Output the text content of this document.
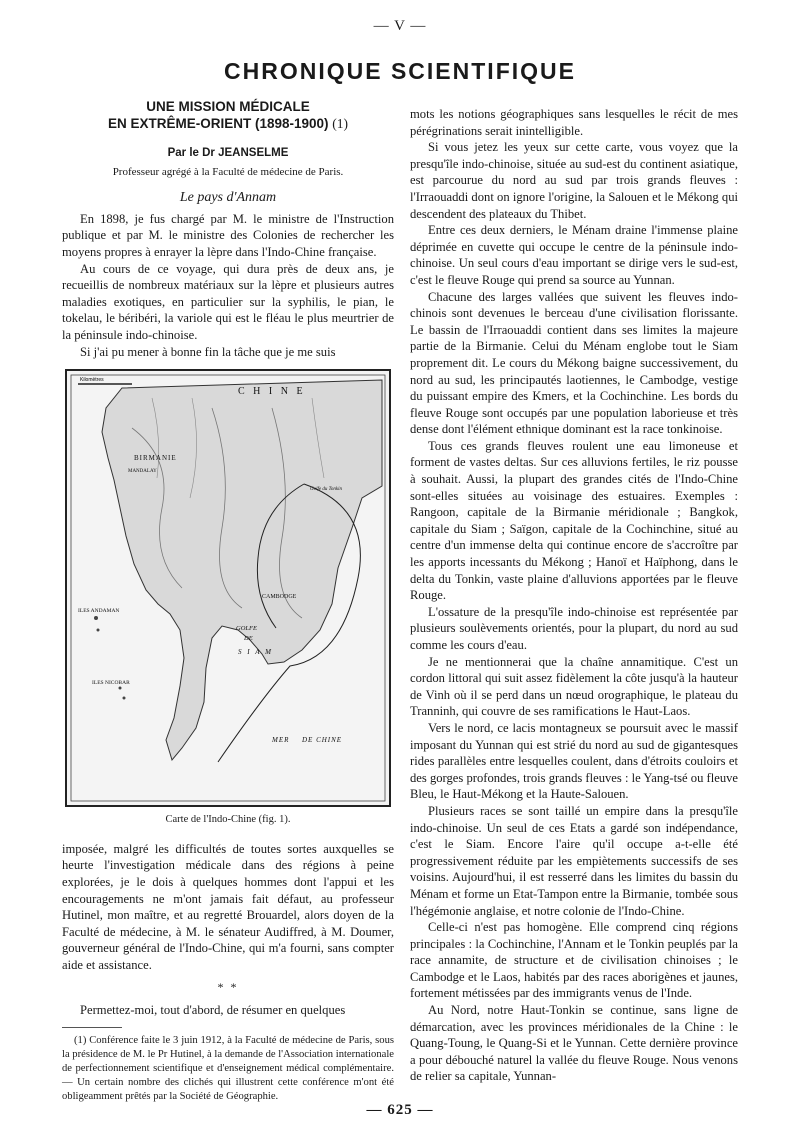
— V —
CHRONIQUE SCIENTIFIQUE
UNE MISSION MÉDICALE
EN EXTRÊME-ORIENT (1898-1900) (1)
Par le Dr JEANSELME
Professeur agrégé à la Faculté de médecine de Paris.
Le pays d'Annam

En 1898, je fus chargé par M. le ministre de l'Instruction publique et par M. le ministre des Colonies de rechercher les moyens propres à enrayer la lèpre dans l'Indo-Chine française.

Au cours de ce voyage, qui dura près de deux ans, je recueillis de nombreux matériaux sur la lèpre et plusieurs autres maladies exotiques, en particulier sur la syphilis, le pian, le tokelau, le béribéri, la variole qui est le fléau le plus meurtrier de la péninsule indo-chinoise.

Si j'ai pu mener à bonne fin la tâche que je me suis

Kilomètres
C H I N E
BIRMANIE
MANDALAY
Golfe du Tonkin
GOLFE
DE
S I A M
CAMBODGE
ILES ANDAMAN
ILES NICOBAR
MER DE CHINE
Carte de l'Indo-Chine (fig. 1).

imposée, malgré les difficultés de toutes sortes auxquelles se heurte l'investigation médicale dans des régions à peine explorées, je le dois à quelques hommes dont l'appui et les encouragements ne m'ont jamais fait défaut, au professeur Hutinel, mon maître, et au regretté Brouardel, alors doyen de la Faculté de médecine, à M. le sénateur Audiffred, à M. Doumer, gouverneur général de l'Indo-Chine, qui m'a fourni, sans compter aide et assistance.

* *

Permettez-moi, tout d'abord, de résumer en quelques

(1) Conférence faite le 3 juin 1912, à la Faculté de médecine de Paris, sous la présidence de M. le Pr Hutinel, à la demande de l'Association internationale de perfectionnement scientifique et d'enseignement médical complémentaire. — Un certain nombre des clichés qui illustrent cette conférence m'ont été obligeamment prêtés par la Société de Géographie.

mots les notions géographiques sans lesquelles le récit de mes pérégrinations serait inintelligible.

Si vous jetez les yeux sur cette carte, vous voyez que la presqu'île indo-chinoise, située au sud-est du continent asiatique, est parcourue du nord au sud par trois grands fleuves : l'Irraouaddi dont on ignore l'origine, la Salouen et le Mékong qui descendent des plateaux du Thibet.

Entre ces deux derniers, le Ménam draine l'immense plaine déprimée en cuvette qui occupe le centre de la péninsule indo-chinoise. Un seul cours d'eau important se dirige vers le sud-est, c'est le fleuve Rouge qui prend sa source au Yunnan.

Chacune des larges vallées que suivent les fleuves indo-chinois sont devenues le berceau d'une civilisation florissante. Le bassin de l'Irraouaddi contient dans ses limites la majeure partie de la Birmanie. Celui du Ménam englobe tout le Siam proprement dit. Le cours du Mékong baigne successivement, du nord au sud, les principautés laotiennes, le Cambodge, vestige du puissant empire des Kmers, et la Cochinchine. Les bords du fleuve Rouge sont occupés par une population laborieuse et très dense dont l'élément ethnique dominant est la race tonkinoise.

Tous ces grands fleuves roulent une eau limoneuse et forment de vastes deltas. Sur ces alluvions fertiles, le riz pousse à souhait. Aussi, la plupart des grandes cités de l'Indo-Chine sont-elles situées au voisinage des estuaires. Exemples : Rangoon, capitale de la Birmanie méridionale ; Bangkok, capitale du Siam ; Saïgon, capitale de la Cochinchine, situé au centre d'un immense delta qui continue encore de s'accroître par les apports incessants du Mékong ; Hanoï et Haïphong, dans le delta du Tonkin, vaste plaine d'alluvions apportées par le fleuve Rouge.

L'ossature de la presqu'île indo-chinoise est représentée par plusieurs soulèvements orientés, pour la plupart, du nord au sud comme les cours d'eau.

Je ne mentionnerai que la chaîne annamitique. C'est un cordon littoral qui suit assez fidèlement la côte jusqu'à la hauteur de Vinh où il se perd dans un nœud orographique, le plateau du Tranninh, qui couvre de ses ramifications le Haut-Laos.

Vers le nord, ce lacis montagneux se poursuit avec le massif imposant du Yunnan qui est strié du nord au sud de gigantesques rides parallèles entre lesquelles coulent, dans d'étroits couloirs et des gorges profondes, trois grands fleuves : le Yang-tsé ou fleuve Bleu, le Haut-Mékong et la Haute-Salouen.

Plusieurs races se sont taillé un empire dans la presqu'île indo-chinoise. Un seul de ces Etats a gardé son indépendance, c'est le Siam. Encore l'aire qu'il occupe a-t-elle été progressivement réduite par les empiètements successifs de ses voisins. Aujourd'hui, il est resserré dans les limites du bassin du Ménam et forme un Etat-Tampon entre la Birmanie, tombée sous l'hégémonie anglaise, et notre colonie de l'Indo-Chine.

Celle-ci n'est pas homogène. Elle comprend cinq régions principales : la Cochinchine, l'Annam et le Tonkin peuplés par la race annamite, de structure et de civilisation chinoises ; le Cambodge et le Laos, habités par des races aborigènes et jaunes, fortement métissées par des immigrants venus de l'Inde.

Au Nord, notre Haut-Tonkin se continue, sans ligne de démarcation, avec les provinces méridionales de la Chine : le Quang-Toung, le Quang-Si et le Yunnan. Cette dernière province a pour débouché naturel la vallée du fleuve Rouge. Nous venons de relier sa capitale, Yunnan-

— 625 —
